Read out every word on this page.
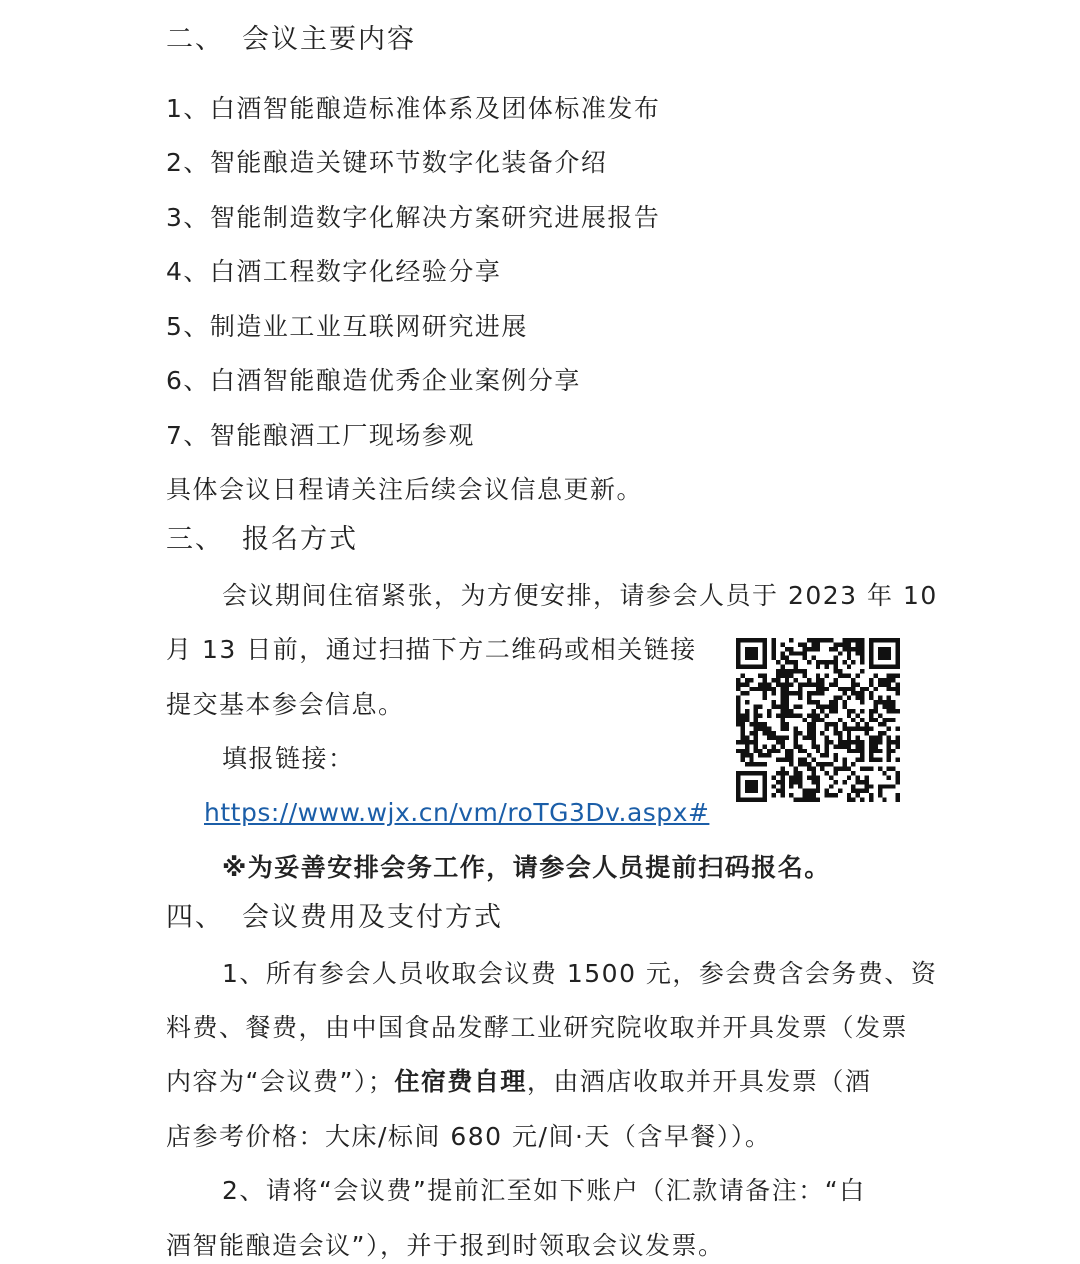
二、 会议主要内容
1、白酒智能酿造标准体系及团体标准发布
2、智能酿造关键环节数字化装备介绍
3、智能制造数字化解决方案研究进展报告
4、白酒工程数字化经验分享
5、制造业工业互联网研究进展
6、白酒智能酿造优秀企业案例分享
7、智能酿酒工厂现场参观
具体会议日程请关注后续会议信息更新。
三、 报名方式
会议期间住宿紧张，为方便安排，请参会人员于 2023 年 10
月 13 日前，通过扫描下方二维码或相关链接
提交基本参会信息。
填报链接：
https://www.wjx.cn/vm/roTG3Dv.aspx#
※为妥善安排会务工作，请参会人员提前扫码报名。
四、 会议费用及支付方式
1、所有参会人员收取会议费 1500 元，参会费含会务费、资
料费、餐费，由中国食品发酵工业研究院收取并开具发票（发票
内容为“会议费”）；住宿费自理，由酒店收取并开具发票（酒
店参考价格：大床/标间 680 元/间·天（含早餐））。
2、请将“会议费”提前汇至如下账户（汇款请备注：“白
酒智能酿造会议”），并于报到时领取会议发票。
